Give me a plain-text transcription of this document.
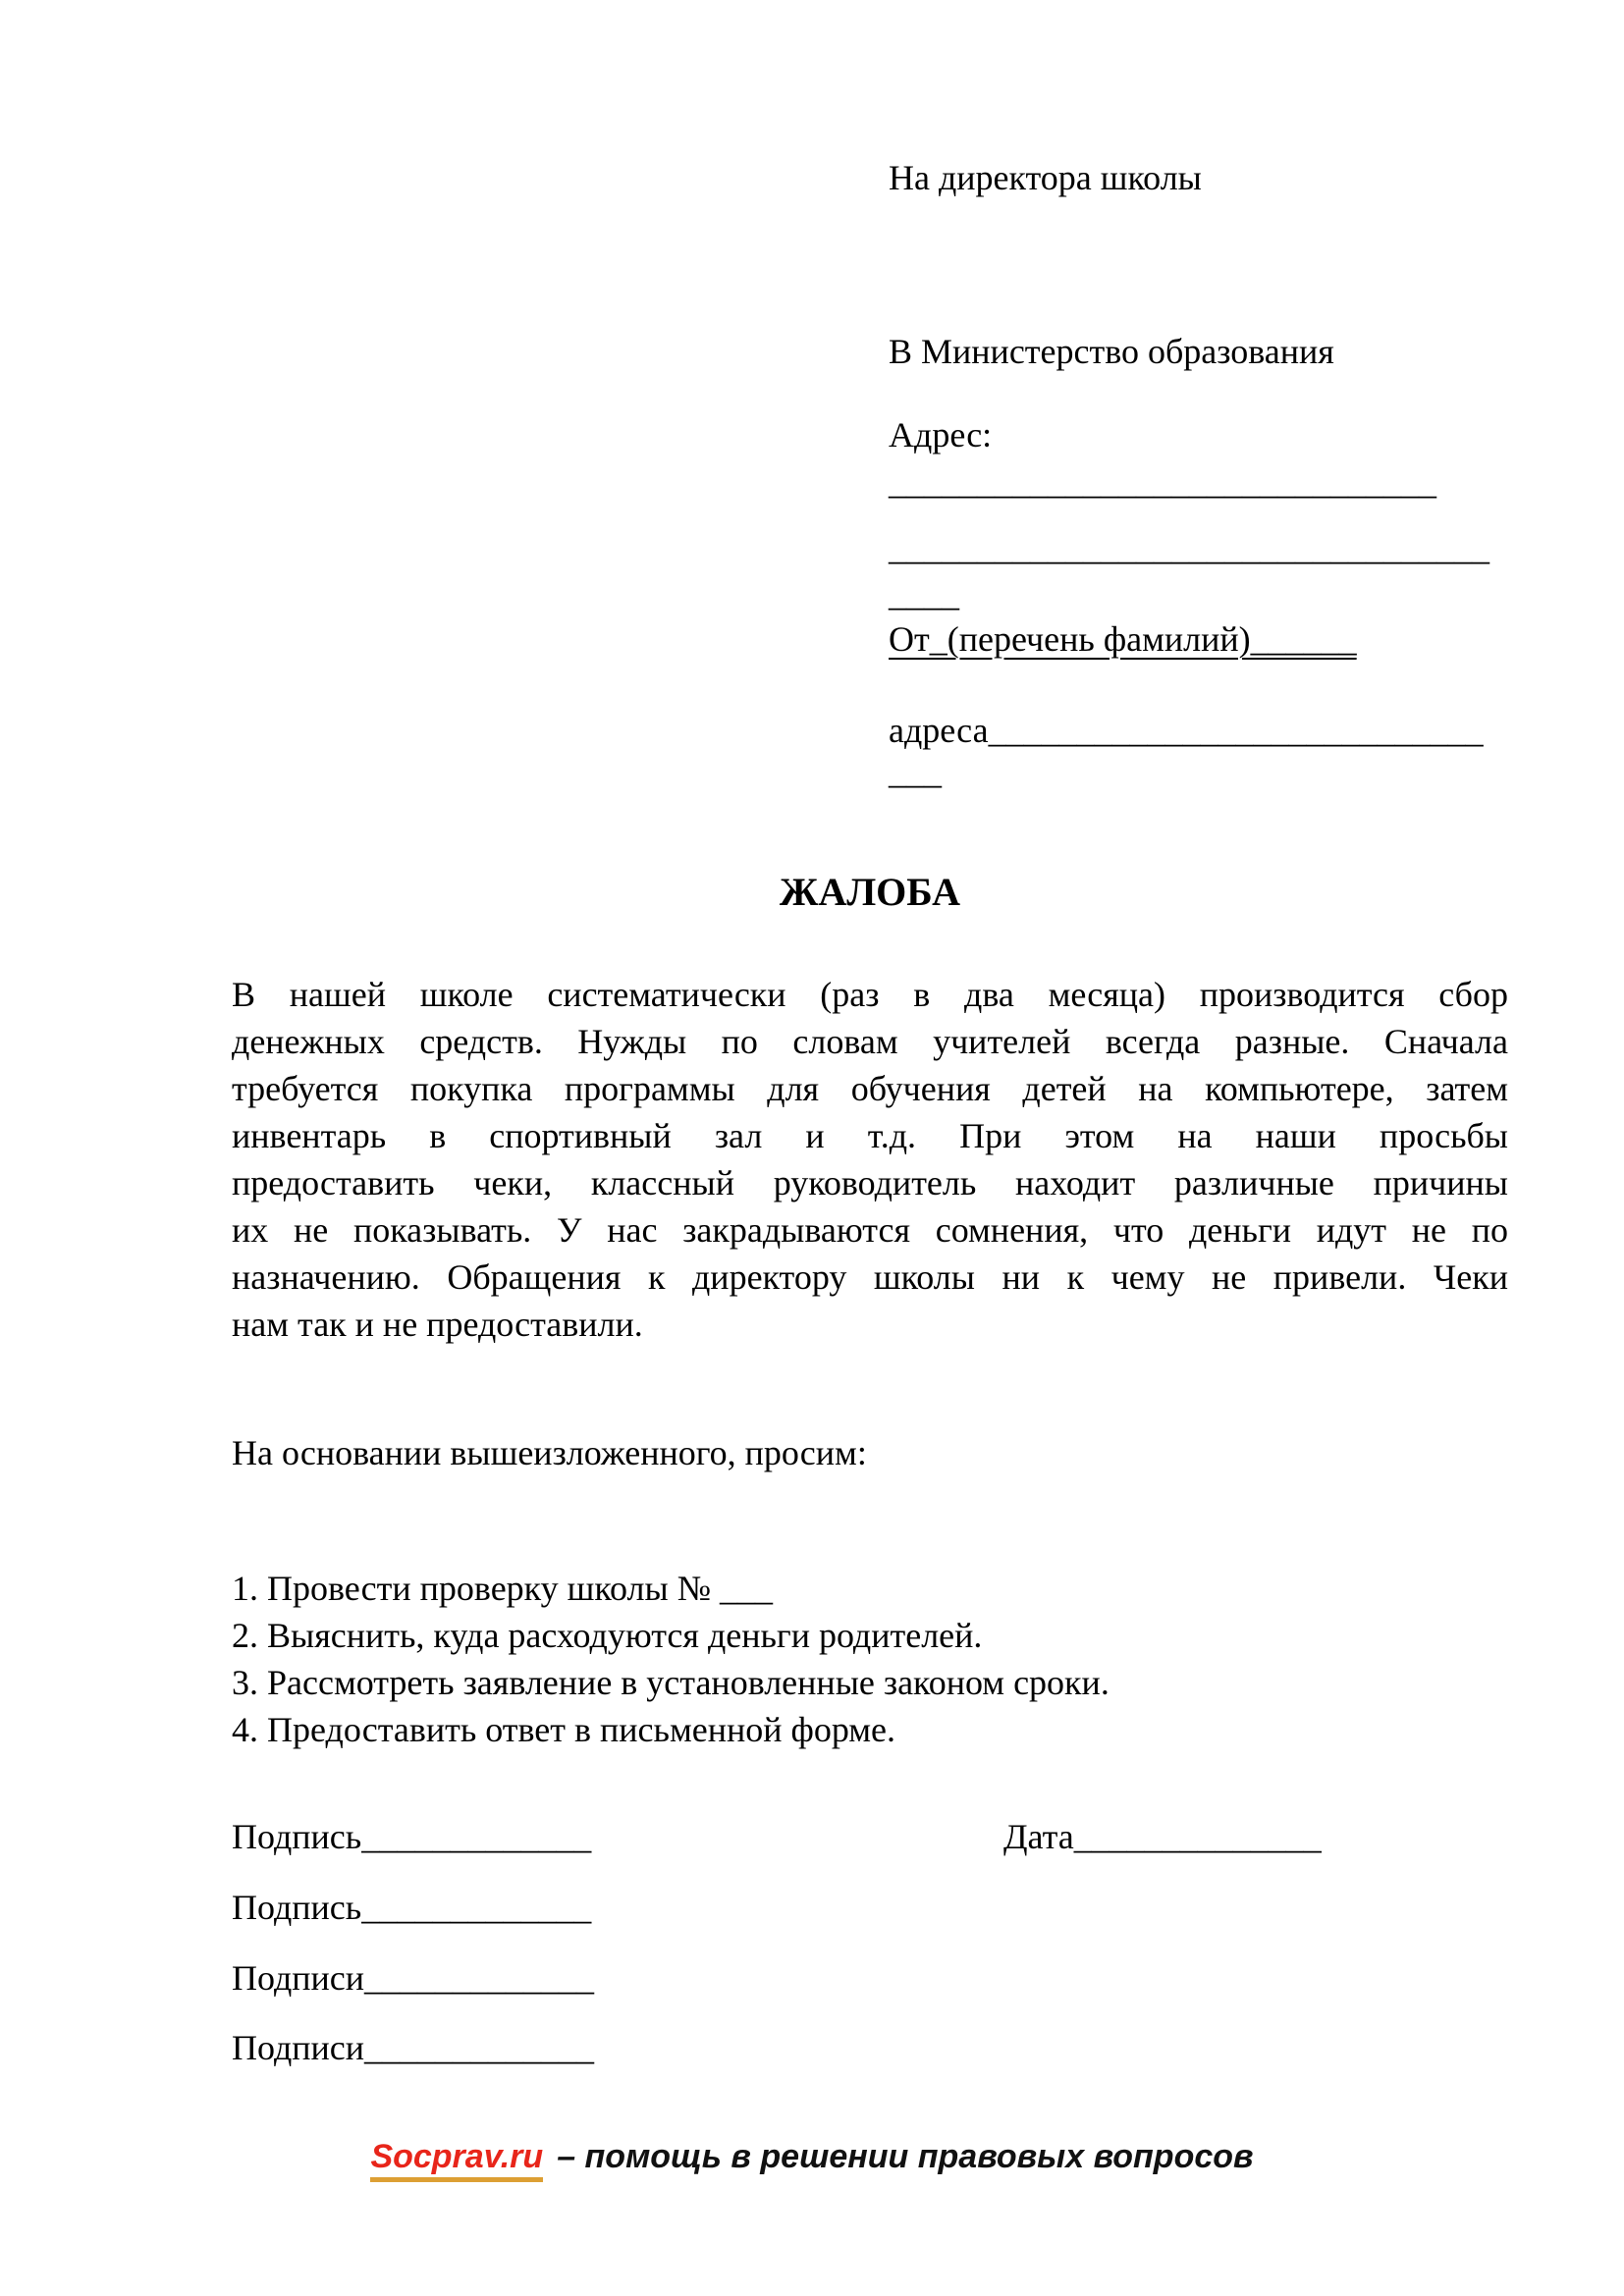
На директора школы
В Министерство образования
Адрес:
_______________________________
__________________________________
____
От_(перечень фамилий)______
адреса____________________________
___
ЖАЛОБА
В нашей школе систематически (раз в два месяца) производится сбор
денежных средств. Нужды по словам учителей всегда разные. Сначала
требуется покупка программы для обучения детей на компьютере, затем
инвентарь в спортивный зал и т.д. При этом на наши просьбы
предоставить чеки, классный руководитель находит различные причины
их не показывать. У нас закрадываются сомнения, что деньги идут не по
назначению. Обращения к директору школы ни к чему не привели. Чеки
нам так и не предоставили.
На основании вышеизложенного, просим:
1. Провести проверку школы № ___
2. Выяснить, куда расходуются деньги родителей.
3. Рассмотреть заявление в установленные законом сроки.
4. Предоставить ответ в письменной форме.
Подпись_____________	Дата______________
Подпись_____________
Подписи_____________
Подписи_____________
Socprav.ru – помощь в решении правовых вопросов
